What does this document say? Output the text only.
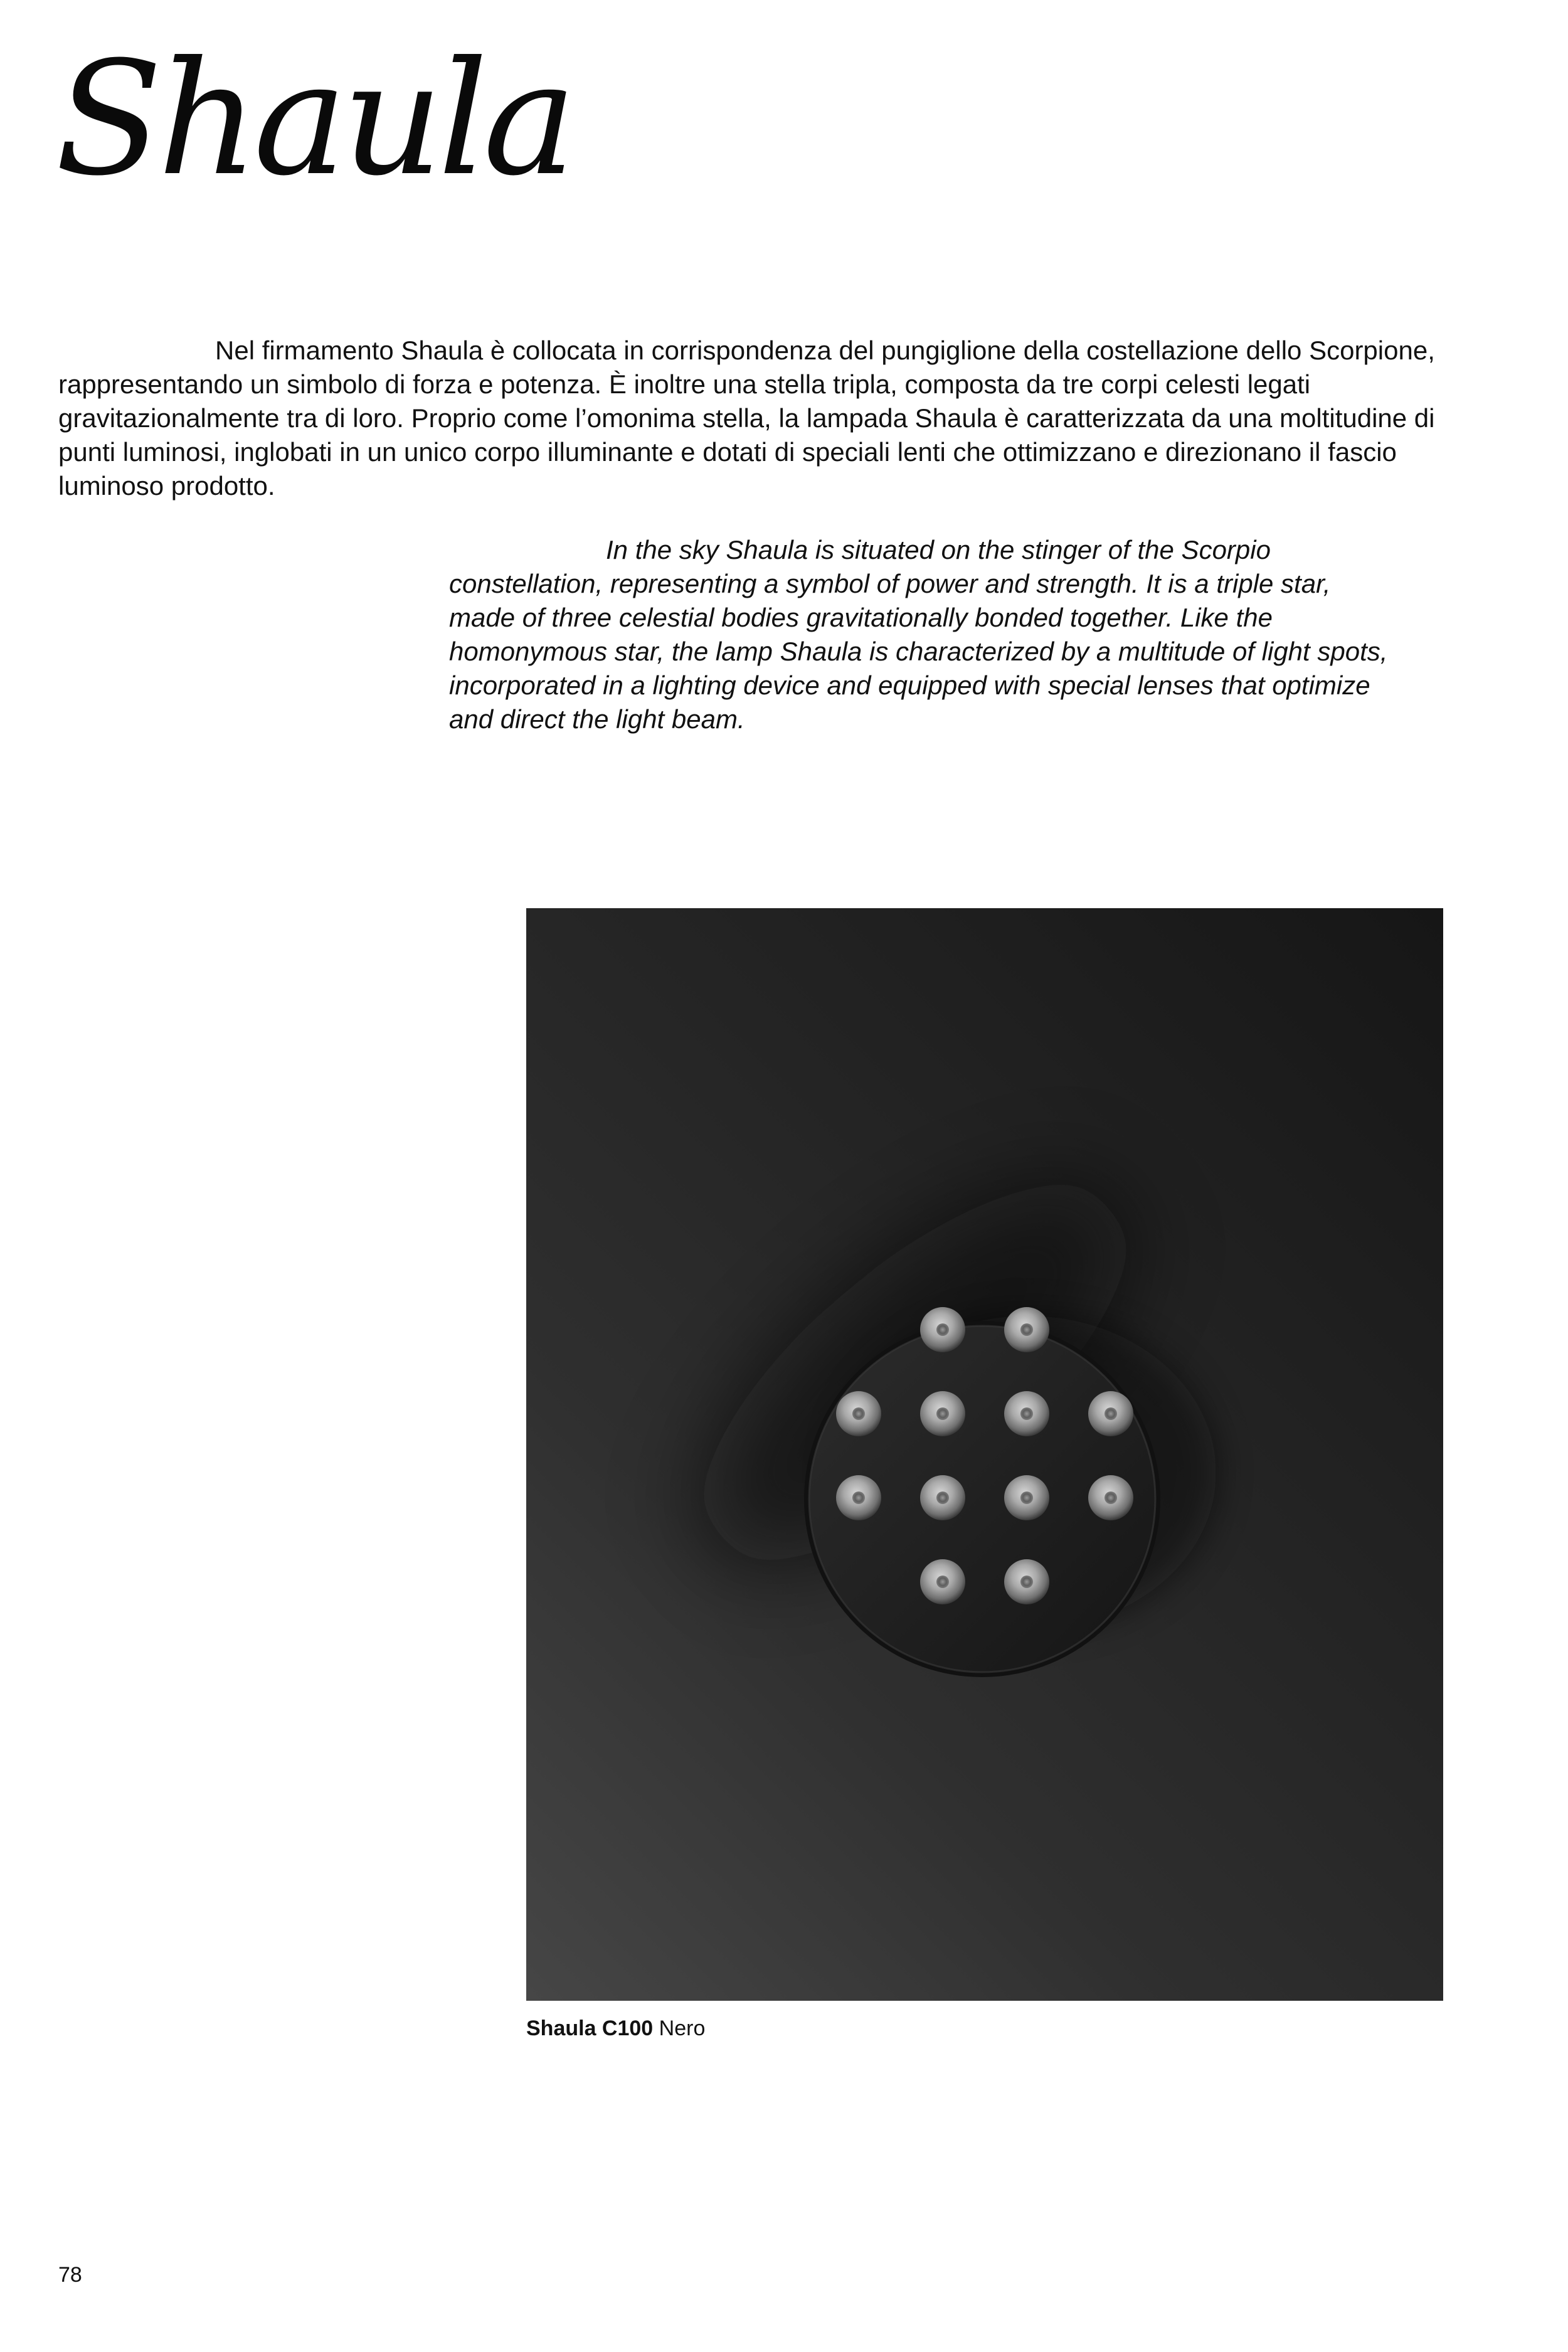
Shaula

Nel firmamento Shaula è collocata in corrispondenza del pungiglione della costellazione dello Scorpione, rappresentando un simbolo di forza e potenza. È inoltre una stella tripla, composta da tre corpi celesti legati gravitazionalmente tra di loro. Proprio come l’omonima stella, la lampada Shaula è caratterizzata da una moltitudine di punti luminosi, inglobati in un unico corpo illuminante e dotati di speciali lenti che ottimizzano e direzionano il fascio luminoso prodotto.

In the sky Shaula is situated on the stinger of the Scorpio constellation, representing a symbol of power and strength. It is a triple star, made of three celestial bodies gravitationally bonded together. Like the homonymous star, the lamp Shaula is characterized by a multitude of light spots, incorporated in a lighting device and equipped with special lenses that optimize and direct the light beam.

Shaula C100 Nero

78
